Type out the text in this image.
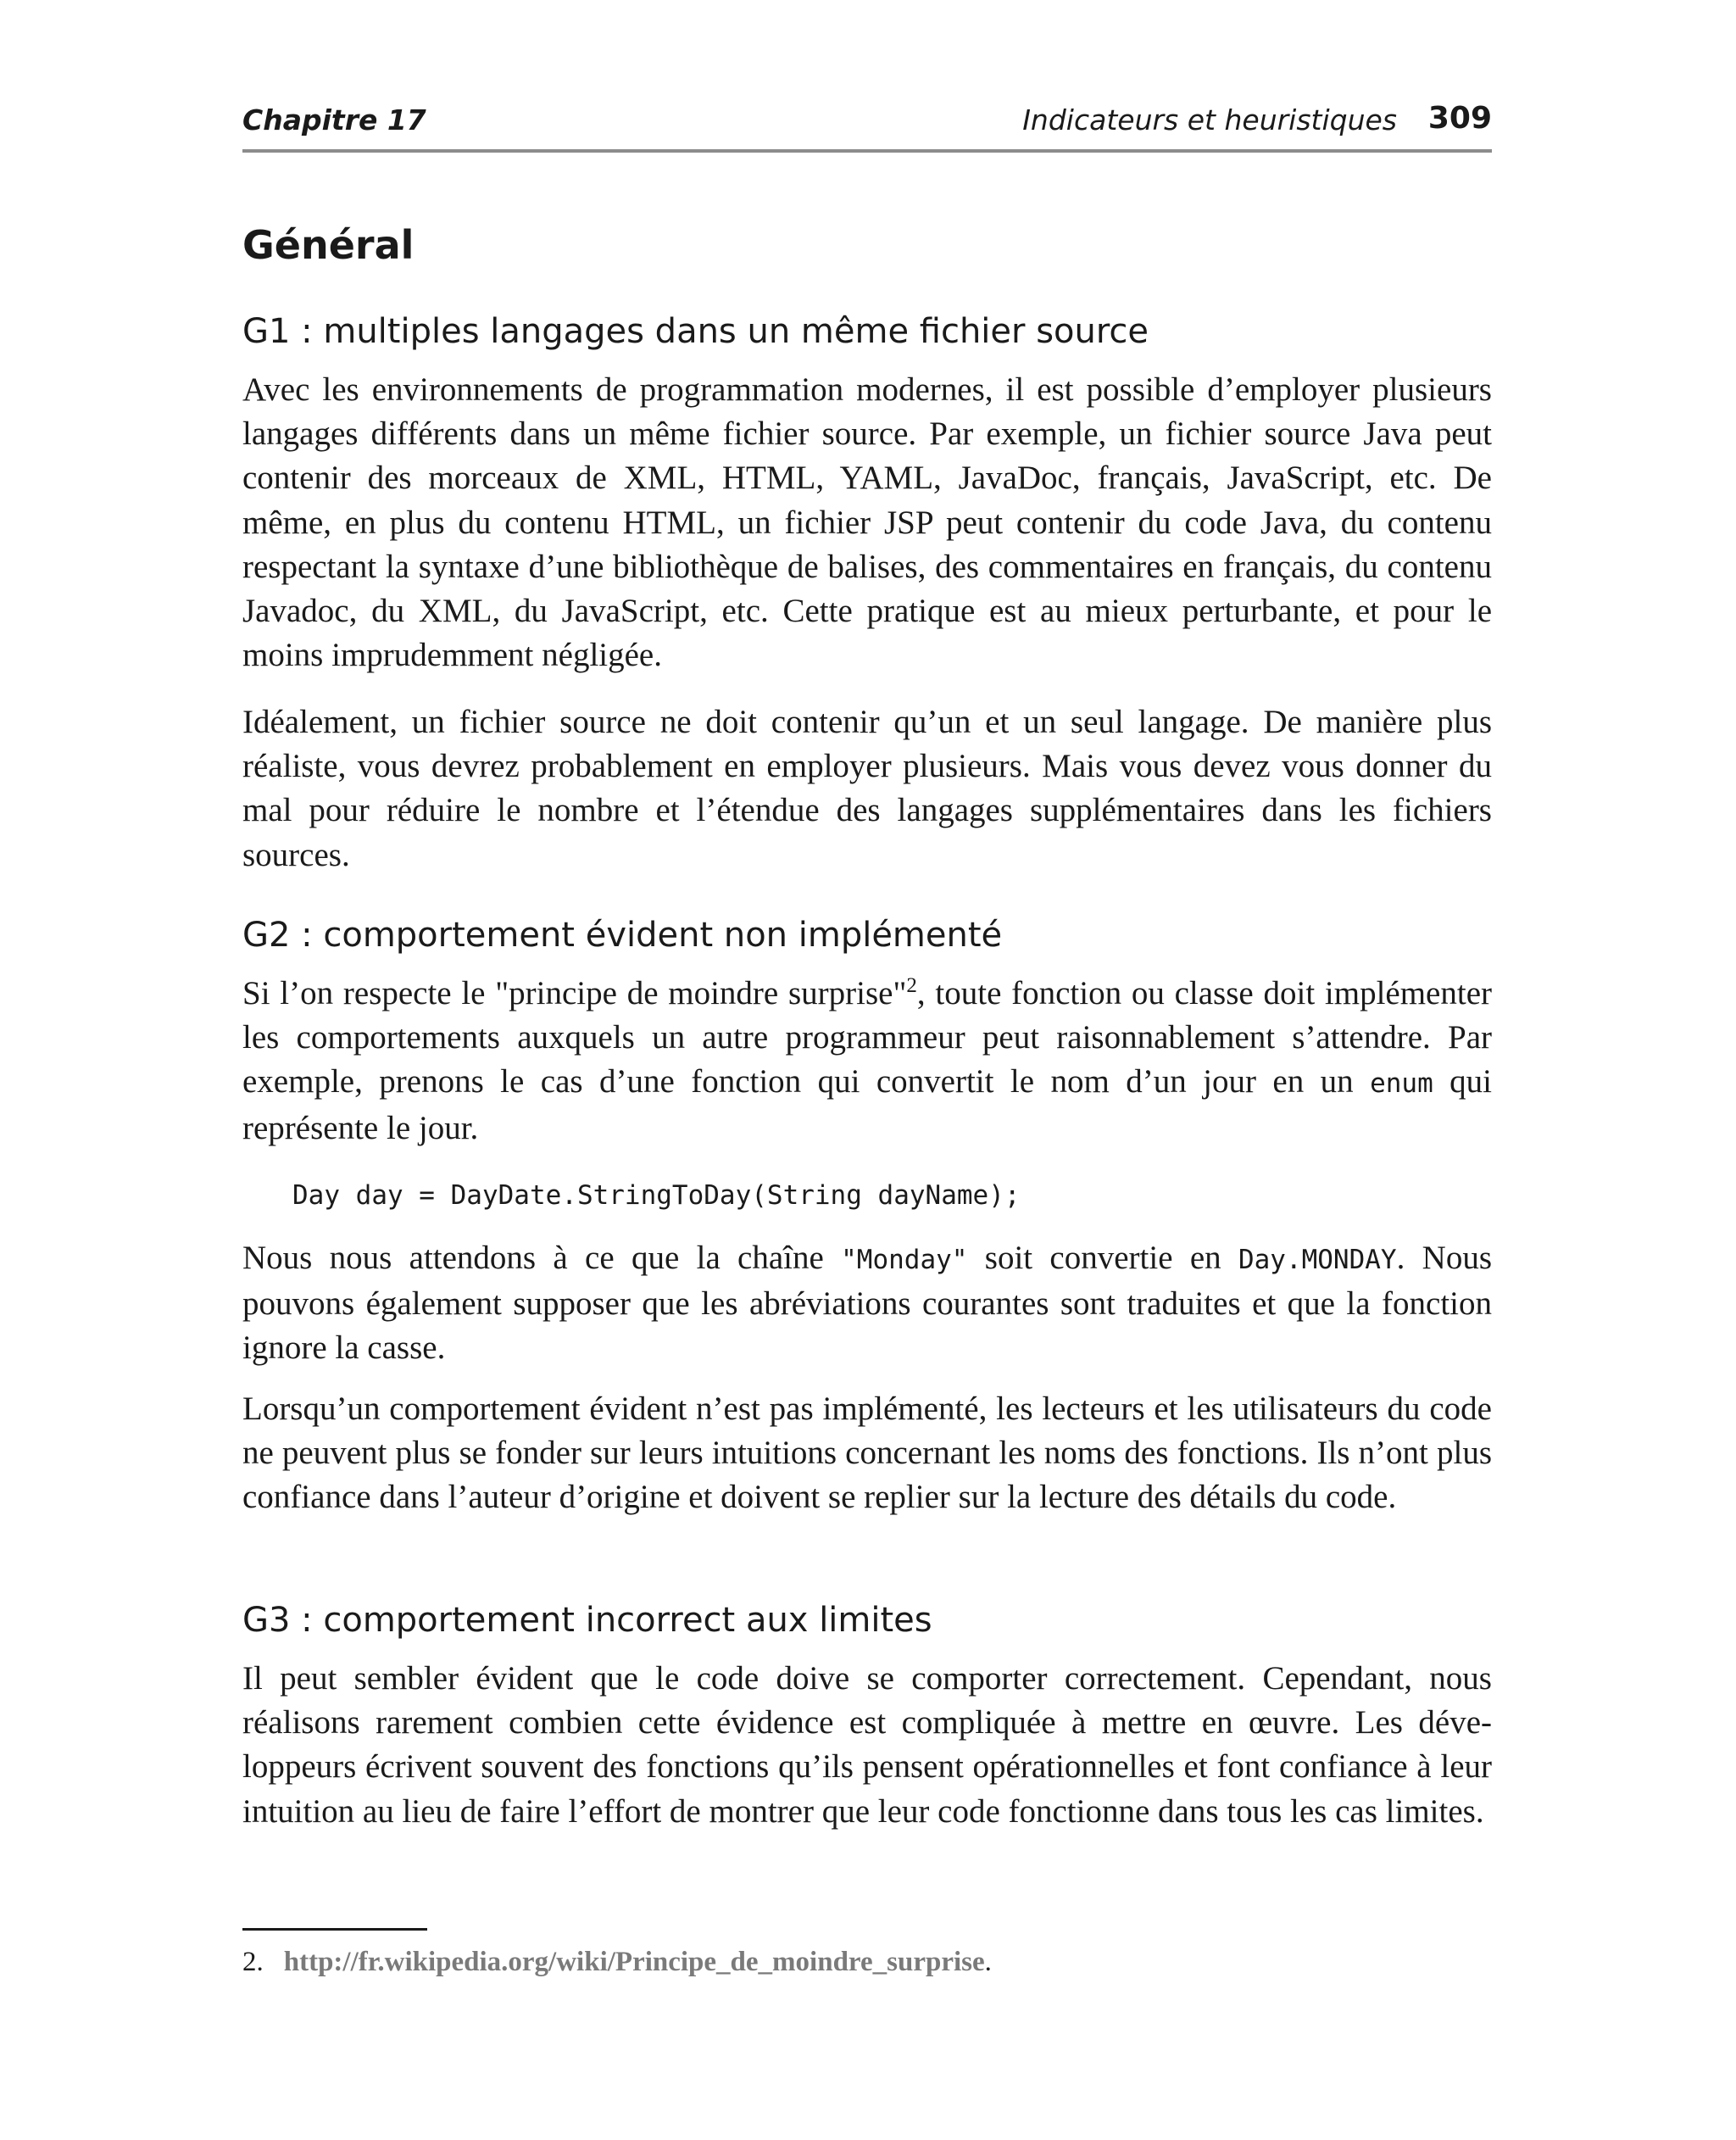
Chapitre 17	Indicateurs et heuristiques 309
Général
G1 : multiples langages dans un même fichier source

Avec les environnements de programmation modernes, il est possible d’employer plusieurs langages différents dans un même fichier source. Par exemple, un fichier source Java peut contenir des morceaux de XML, HTML, YAML, JavaDoc, français, JavaScript, etc. De même, en plus du contenu HTML, un fichier JSP peut contenir du code Java, du contenu respectant la syntaxe d’une bibliothèque de balises, des commentaires en français, du contenu Javadoc, du XML, du JavaScript, etc. Cette pratique est au mieux perturbante, et pour le moins imprudemment négligée.

Idéalement, un fichier source ne doit contenir qu’un et un seul langage. De manière plus réaliste, vous devrez probablement en employer plusieurs. Mais vous devez vous donner du mal pour réduire le nombre et l’étendue des langages supplémentaires dans les fichiers sources.

G2 : comportement évident non implémenté

Si l’on respecte le "principe de moindre surprise"$^2$, toute fonction ou classe doit implémenter les comportements auxquels un autre programmeur peut raisonnablement s’attendre. Par exemple, prenons le cas d’une fonction qui convertit le nom d’un jour en un enum qui représente le jour.

Day day = DayDate.StringToDay(String dayName);

Nous nous attendons à ce que la chaîne "Monday" soit convertie en Day.MONDAY. Nous pouvons également supposer que les abréviations courantes sont traduites et que la fonction ignore la casse.

Lorsqu’un comportement évident n’est pas implémenté, les lecteurs et les utilisateurs du code ne peuvent plus se fonder sur leurs intuitions concernant les noms des fonctions. Ils n’ont plus confiance dans l’auteur d’origine et doivent se replier sur la lecture des détails du code.

G3 : comportement incorrect aux limites

Il peut sembler évident que le code doive se comporter correctement. Cependant, nous réalisons rarement combien cette évidence est compliquée à mettre en œuvre. Les développeurs écrivent souvent des fonctions qu’ils pensent opérationnelles et font confiance à leur intuition au lieu de faire l’effort de montrer que leur code fonctionne dans tous les cas limites.

2. http://fr.wikipedia.org/wiki/Principe_de_moindre_surprise.
